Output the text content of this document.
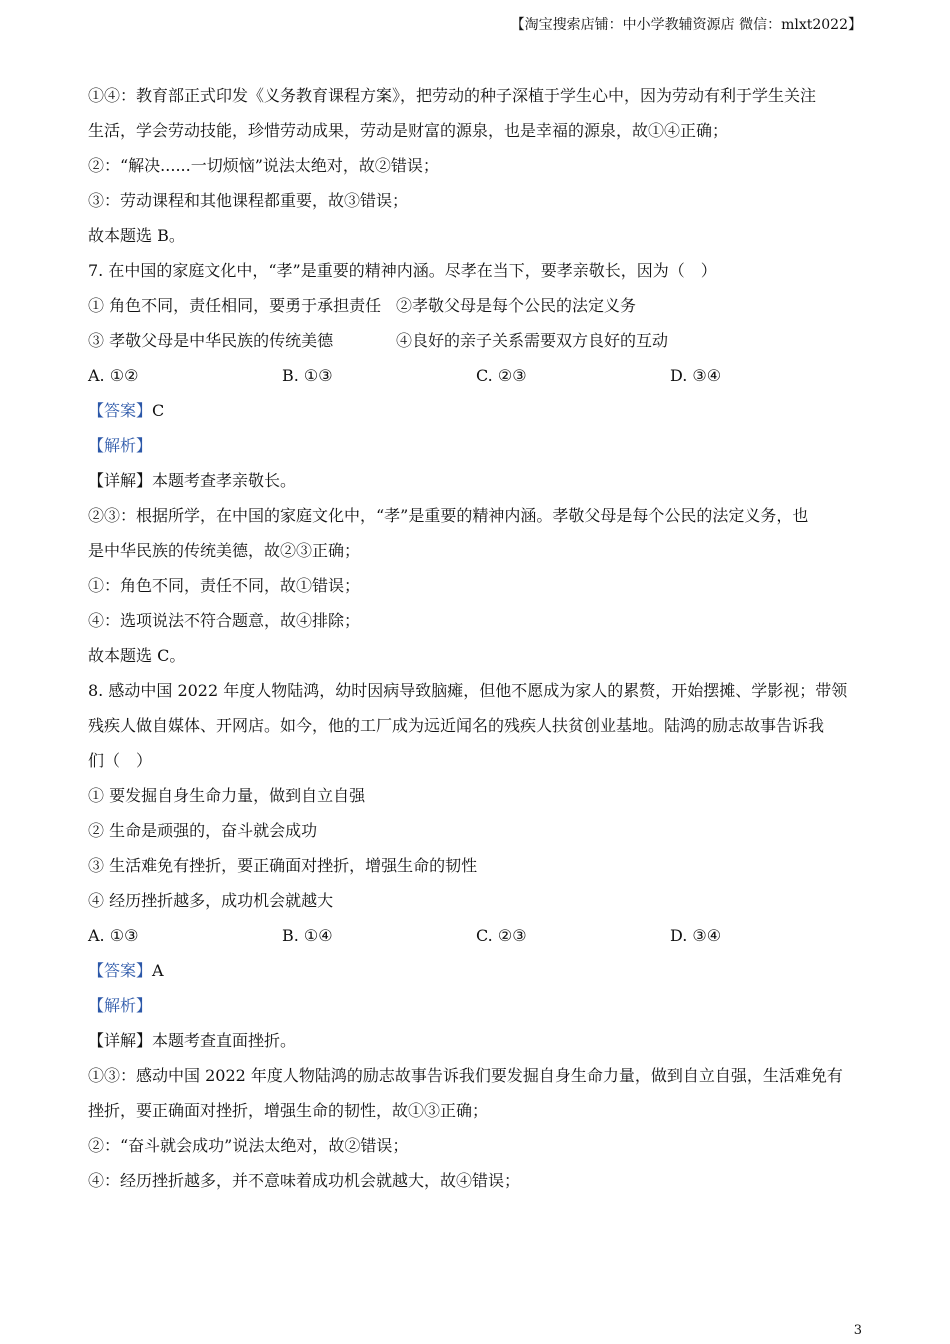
【淘宝搜索店铺：中小学教辅资源店 微信：mlxt2022】
①④：教育部正式印发《义务教育课程方案》，把劳动的种子深植于学生心中，因为劳动有利于学生关注
生活，学会劳动技能，珍惜劳动成果，劳动是财富的源泉，也是幸福的源泉，故①④正确；
②：“解决......一切烦恼”说法太绝对，故②错误；
③：劳动课程和其他课程都重要，故③错误；
故本题选 B。
7. 在中国的家庭文化中，“孝”是重要的精神内涵。尽孝在当下，要孝亲敬长，因为（　）
① 角色不同，责任相同，要勇于承担责任 ②孝敬父母是每个公民的法定义务
③ 孝敬父母是中华民族的传统美德	④良好的亲子关系需要双方良好的互动
A. ①②	B. ①③	C. ②③	D. ③④
【答案】C
【解析】
【详解】本题考查孝亲敬长。
②③：根据所学，在中国的家庭文化中，“孝”是重要的精神内涵。孝敬父母是每个公民的法定义务，也
是中华民族的传统美德，故②③正确；
①：角色不同，责任不同，故①错误；
④：选项说法不符合题意，故④排除；
故本题选 C。
8. 感动中国 2022 年度人物陆鸿，幼时因病导致脑瘫，但他不愿成为家人的累赘，开始摆摊、学影视；带领
残疾人做自媒体、开网店。如今，他的工厂成为远近闻名的残疾人扶贫创业基地。陆鸿的励志故事告诉我
们（　）
① 要发掘自身生命力量，做到自立自强
② 生命是顽强的，奋斗就会成功
③ 生活难免有挫折，要正确面对挫折，增强生命的韧性
④ 经历挫折越多，成功机会就越大
A. ①③	B. ①④	C. ②③	D. ③④
【答案】A
【解析】
【详解】本题考查直面挫折。
①③：感动中国 2022 年度人物陆鸿的励志故事告诉我们要发掘自身生命力量，做到自立自强，生活难免有
挫折，要正确面对挫折，增强生命的韧性，故①③正确；
②：“奋斗就会成功”说法太绝对，故②错误；
④：经历挫折越多，并不意味着成功机会就越大，故④错误；
3
